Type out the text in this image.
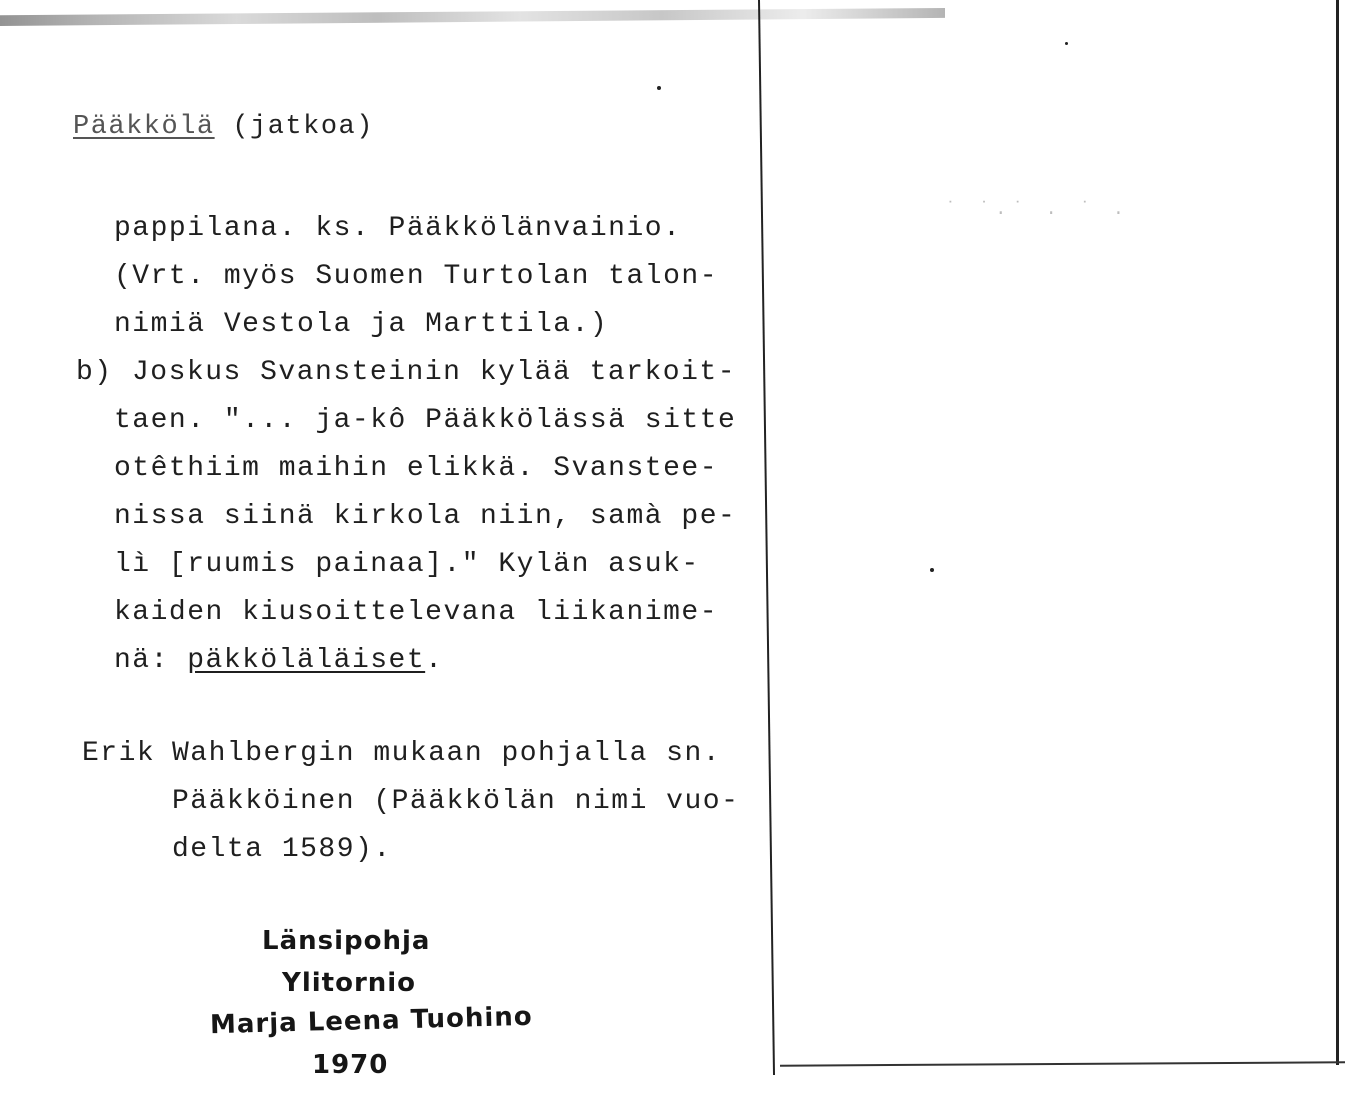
˙ ˙.˙ . ˙ .
Pääkkölä (jatkoa)
pappilana. ks. Pääkkölänvainio.
(Vrt. myös Suomen Turtolan talon-
nimiä Vestola ja Marttila.)
b) Joskus Svansteinin kylää tarkoit-
taen. "... ja-kô Pääkkölässä sitte
otêthiim maihin elikkä. Svanstee-
nissa siinä kirkola niin, samà pe-
lì [ruumis painaa]." Kylän asuk-
kaiden kiusoittelevana liikanime-
nä: päkköläläiset.
Erik Wahlbergin mukaan pohjalla sn.
Pääkköinen (Pääkkölän nimi vuo-
delta 1589).
Länsipohja
Ylitornio
Marja Leena Tuohino
1970
